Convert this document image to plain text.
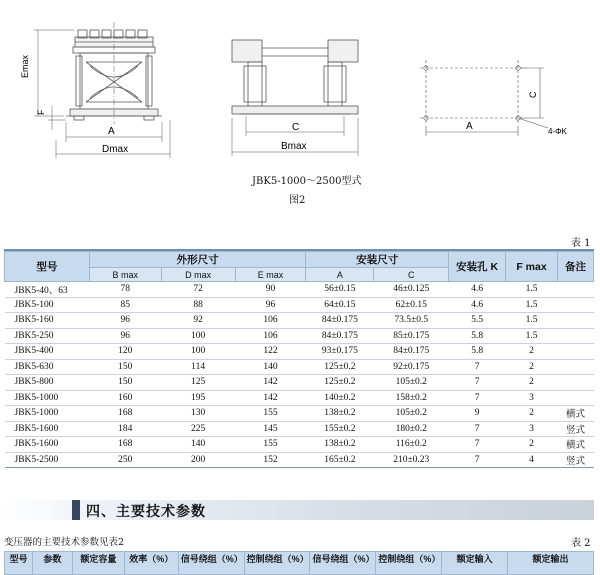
Emax
F
A
Dmax
C
Bmax
C
A	4-ΦK
JBK5-1000～2500型式
图2
表 1
型号	外形尺寸			安装尺寸		安装孔 K	F max	备注
	B max	D max	E max	A	C			
JBK5-40、63	78	72	90	56±0.15	46±0.125	4.6	1.5	
JBK5-100	85	88	96	64±0.15	62±0.15	4.6	1.5	
JBK5-160	96	92	106	84±0.175	73.5±0.5	5.5	1.5	
JBK5-250	96	100	106	84±0.175	85±0.175	5.8	1.5	
JBK5-400	120	100	122	93±0.175	84±0.175	5.8	2	
JBK5-630	150	114	140	125±0.2	92±0.175	7	2	
JBK5-800	150	125	142	125±0.2	105±0.2	7	2	
JBK5-1000	160	195	142	140±0.2	158±0.2	7	3	
JBK5-1000	168	130	155	138±0.2	105±0.2	9	2	横式
JBK5-1600	184	225	145	155±0.2	180±0.2	7	3	竖式
JBK5-1600	168	140	155	138±0.2	116±0.2	7	2	横式
JBK5-2500	250	200	152	165±0.2	210±0.23	7	4	竖式
四、主要技术参数
变压器的主要技术参数见表2	表 2
型号	参数	额定容量	效率（%）	信号绕组（%）	控制绕组（%）	信号绕组（%）	控制绕组（%）	额定输入	额定输出
